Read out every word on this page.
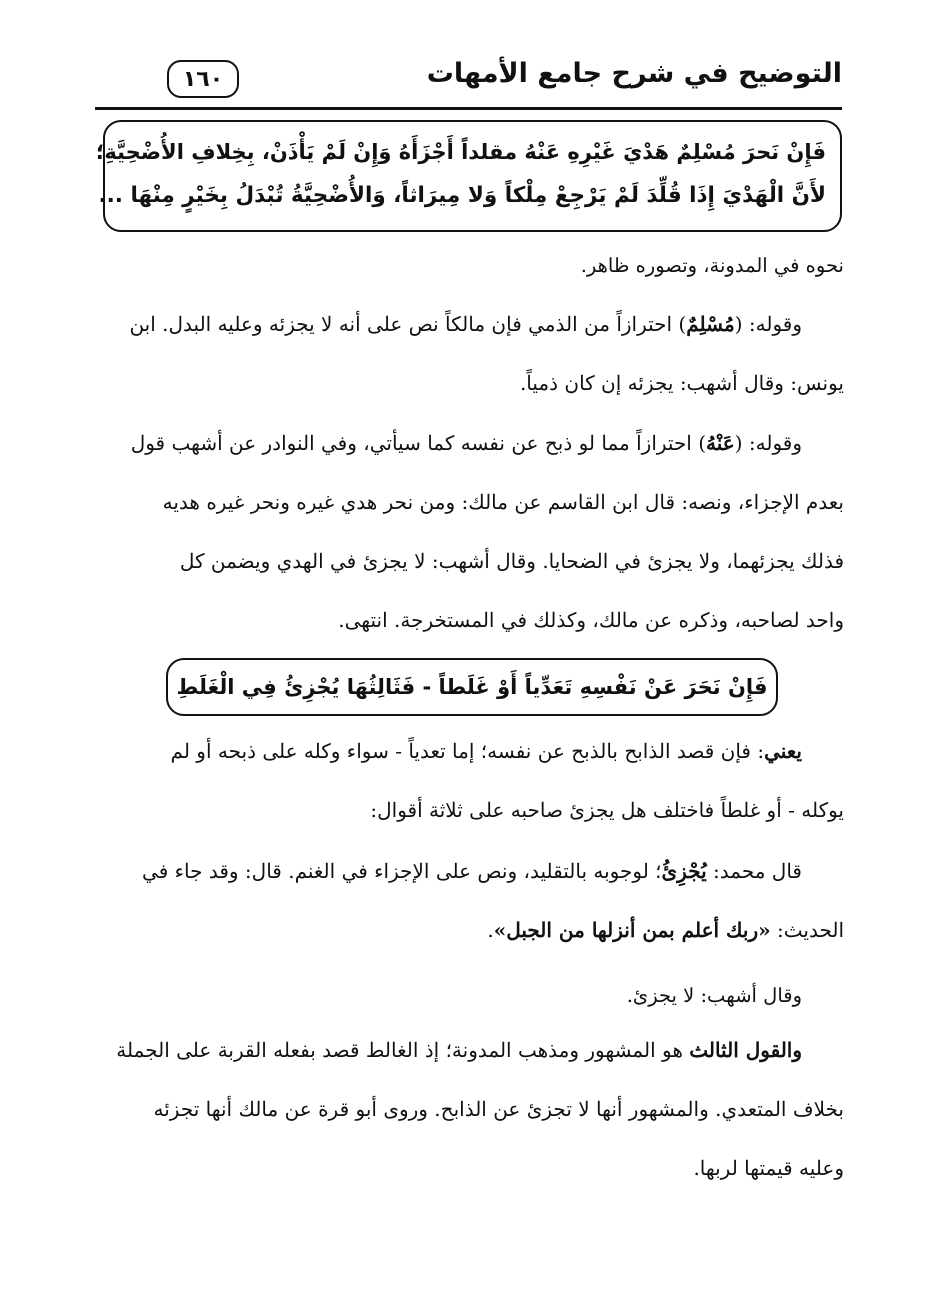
١٦٠	التوضيح في شرح جامع الأمهات
فَإِنْ نَحرَ مُسْلِمٌ هَدْيَ غَيْرِهِ عَنْهُ مقلداً أَجْزَأَهُ وَإِنْ لَمْ يَأْذَنْ، بِخِلافِ الأُضْحِيَّةِ؛
لأَنَّ الْهَدْيَ إِذَا قُلِّدَ لَمْ يَرْجِعْ مِلْكاً وَلا مِيرَاثاً، وَالأُضْحِيَّةُ تُبْدَلُ بِخَيْرٍ مِنْهَا ...
نحوه في المدونة، وتصوره ظاهر.
وقوله: (مُسْلِمٌ) احترازاً من الذمي فإن مالكاً نص على أنه لا يجزئه وعليه البدل. ابن
يونس: وقال أشهب: يجزئه إن كان ذمياً.
وقوله: (عَنْهُ) احترازاً مما لو ذبح عن نفسه كما سيأتي، وفي النوادر عن أشهب قول
بعدم الإجزاء، ونصه: قال ابن القاسم عن مالك: ومن نحر هدي غيره ونحر غيره هديه
فذلك يجزئهما، ولا يجزئ في الضحايا. وقال أشهب: لا يجزئ في الهدي ويضمن كل
واحد لصاحبه، وذكره عن مالك، وكذلك في المستخرجة. انتهى.
فَإِنْ نَحَرَ عَنْ نَفْسِهِ تَعَدِّياً أَوْ غَلَطاً - فَثَالِثُهَا يُجْزِئُ فِي الْغَلَطِ
يعني: فإن قصد الذابح بالذبح عن نفسه؛ إما تعدياً - سواء وكله على ذبحه أو لم
يوكله - أو غلطاً فاختلف هل يجزئ صاحبه على ثلاثة أقوال:
قال محمد: يُجْزِئُ؛ لوجوبه بالتقليد، ونص على الإجزاء في الغنم. قال: وقد جاء في
الحديث: «ربك أعلم بمن أنزلها من الجبل».
وقال أشهب: لا يجزئ.
والقول الثالث هو المشهور ومذهب المدونة؛ إذ الغالط قصد بفعله القربة على الجملة
بخلاف المتعدي. والمشهور أنها لا تجزئ عن الذابح. وروى أبو قرة عن مالك أنها تجزئه
وعليه قيمتها لربها.
